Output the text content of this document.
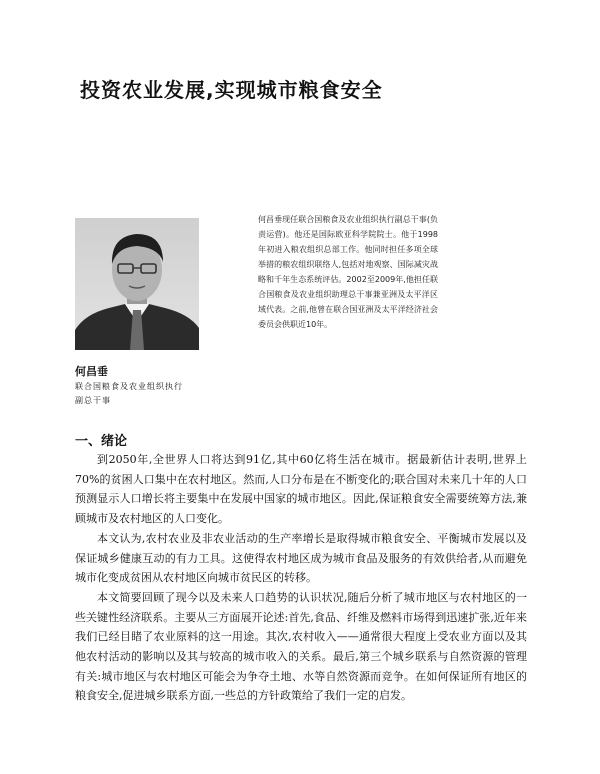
投资农业发展,实现城市粮食安全
何昌垂现任联合国粮食及农业组织执行副总干事(负责运营)。他还是国际欧亚科学院院士。他于1998年初进入粮农组织总部工作。他同时担任多项全球举措的粮农组织联络人,包括对地观察、国际减灾战略和千年生态系统评估。2002至2009年,他担任联合国粮食及农业组织助理总干事兼亚洲及太平洋区域代表。之前,他曾在联合国亚洲及太平洋经济社会委员会供职近10年。
何昌垂
联合国粮食及农业组织执行
副总干事
一、绪论

到2050年,全世界人口将达到91亿,其中60亿将生活在城市。据最新估计表明,世界上70%的贫困人口集中在农村地区。然而,人口分布是在不断变化的;联合国对未来几十年的人口预测显示人口增长将主要集中在发展中国家的城市地区。因此,保证粮食安全需要统筹方法,兼顾城市及农村地区的人口变化。

本文认为,农村农业及非农业活动的生产率增长是取得城市粮食安全、平衡城市发展以及保证城乡健康互动的有力工具。这使得农村地区成为城市食品及服务的有效供给者,从而避免城市化变成贫困从农村地区向城市贫民区的转移。

本文简要回顾了现今以及未来人口趋势的认识状况,随后分析了城市地区与农村地区的一些关键性经济联系。主要从三方面展开论述:首先,食品、纤维及燃料市场得到迅速扩张,近年来我们已经目睹了农业原料的这一用途。其次,农村收入——通常很大程度上受农业方面以及其他农村活动的影响以及其与较高的城市收入的关系。最后,第三个城乡联系与自然资源的管理有关:城市地区与农村地区可能会为争夺土地、水等自然资源而竞争。在如何保证所有地区的粮食安全,促进城乡联系方面,一些总的方针政策给了我们一定的启发。
